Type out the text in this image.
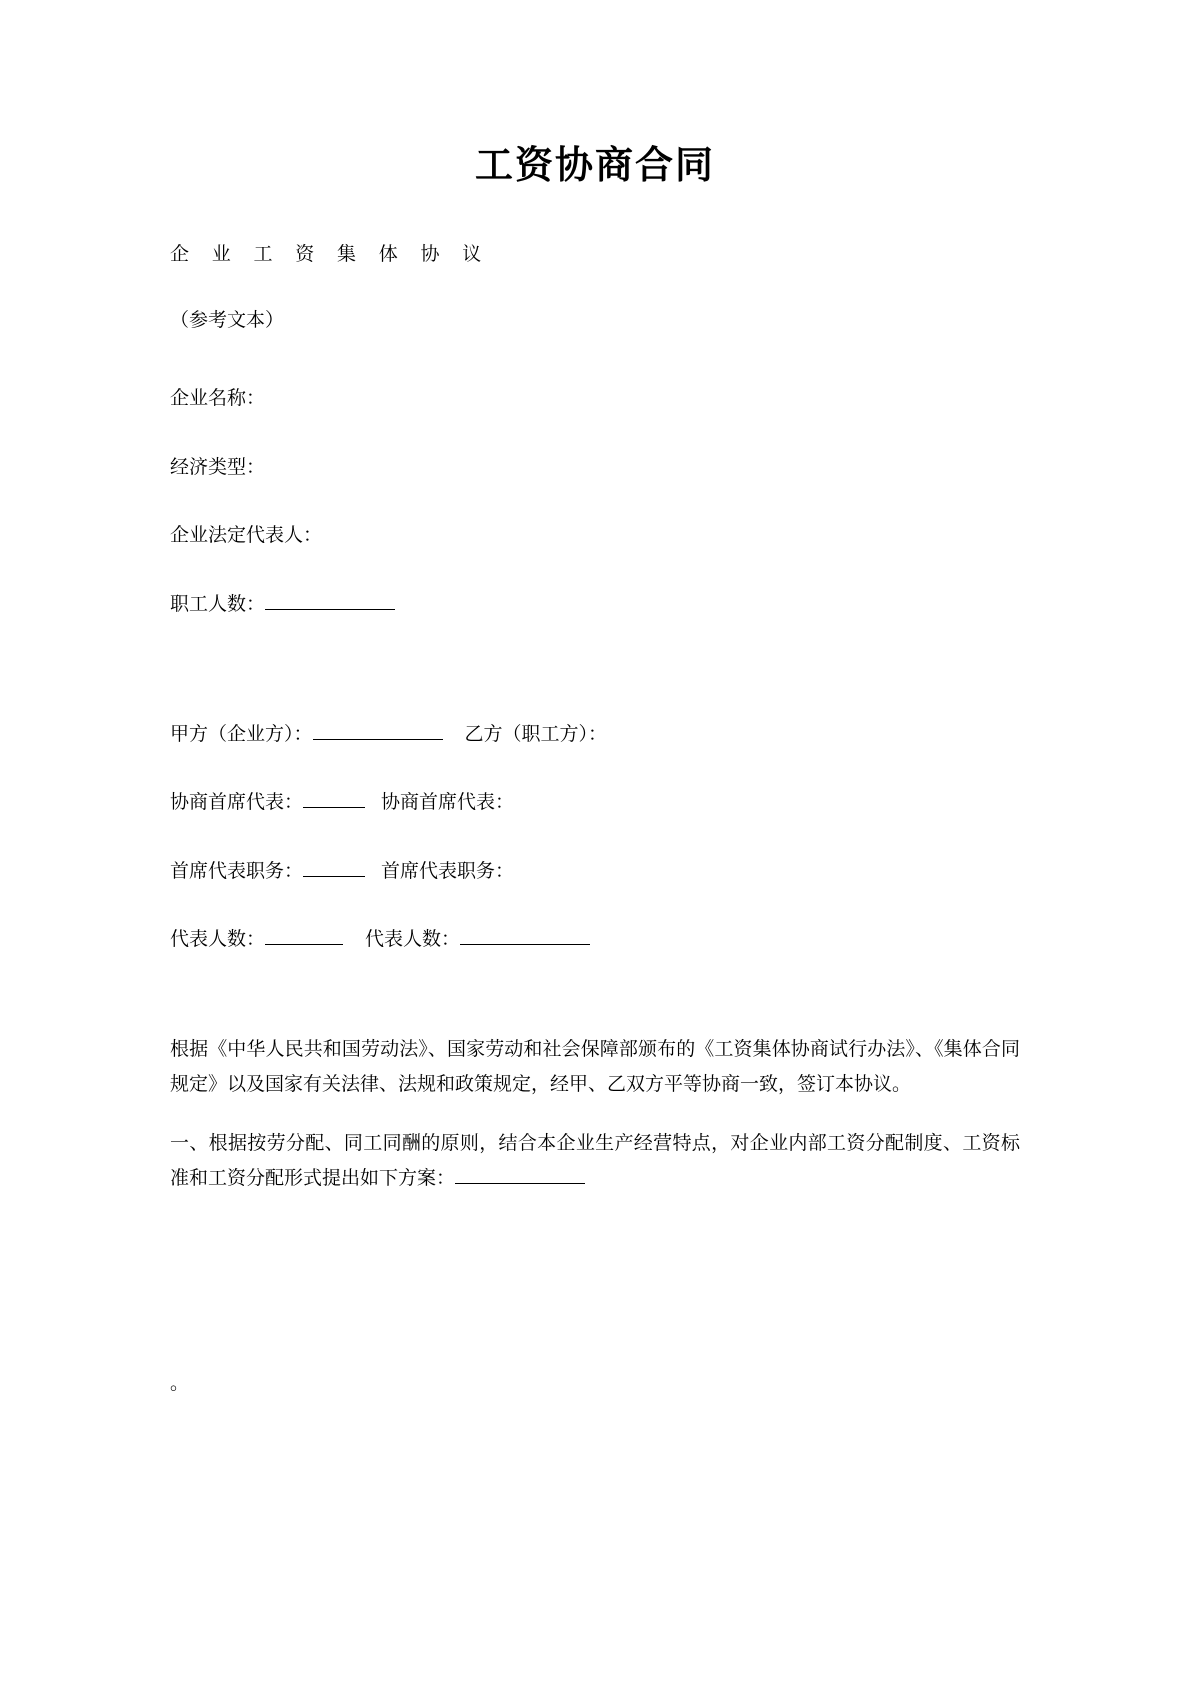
工资协商合同
企 业 工 资 集 体 协 议
（参考文本）
企业名称：
经济类型：
企业法定代表人：
职工人数：
甲方（企业方）：	乙方（职工方）：
协商首席代表：	协商首席代表：
首席代表职务：	首席代表职务：
代表人数：	代表人数：

根据《中华人民共和国劳动法》、国家劳动和社会保障部颁布的《工资集体协商试行办法》、《集体合同规定》以及国家有关法律、法规和政策规定，经甲、乙双方平等协商一致，签订本协议。

一、根据按劳分配、同工同酬的原则，结合本企业生产经营特点，对企业内部工资分配制度、工资标准和工资分配形式提出如下方案：

。
